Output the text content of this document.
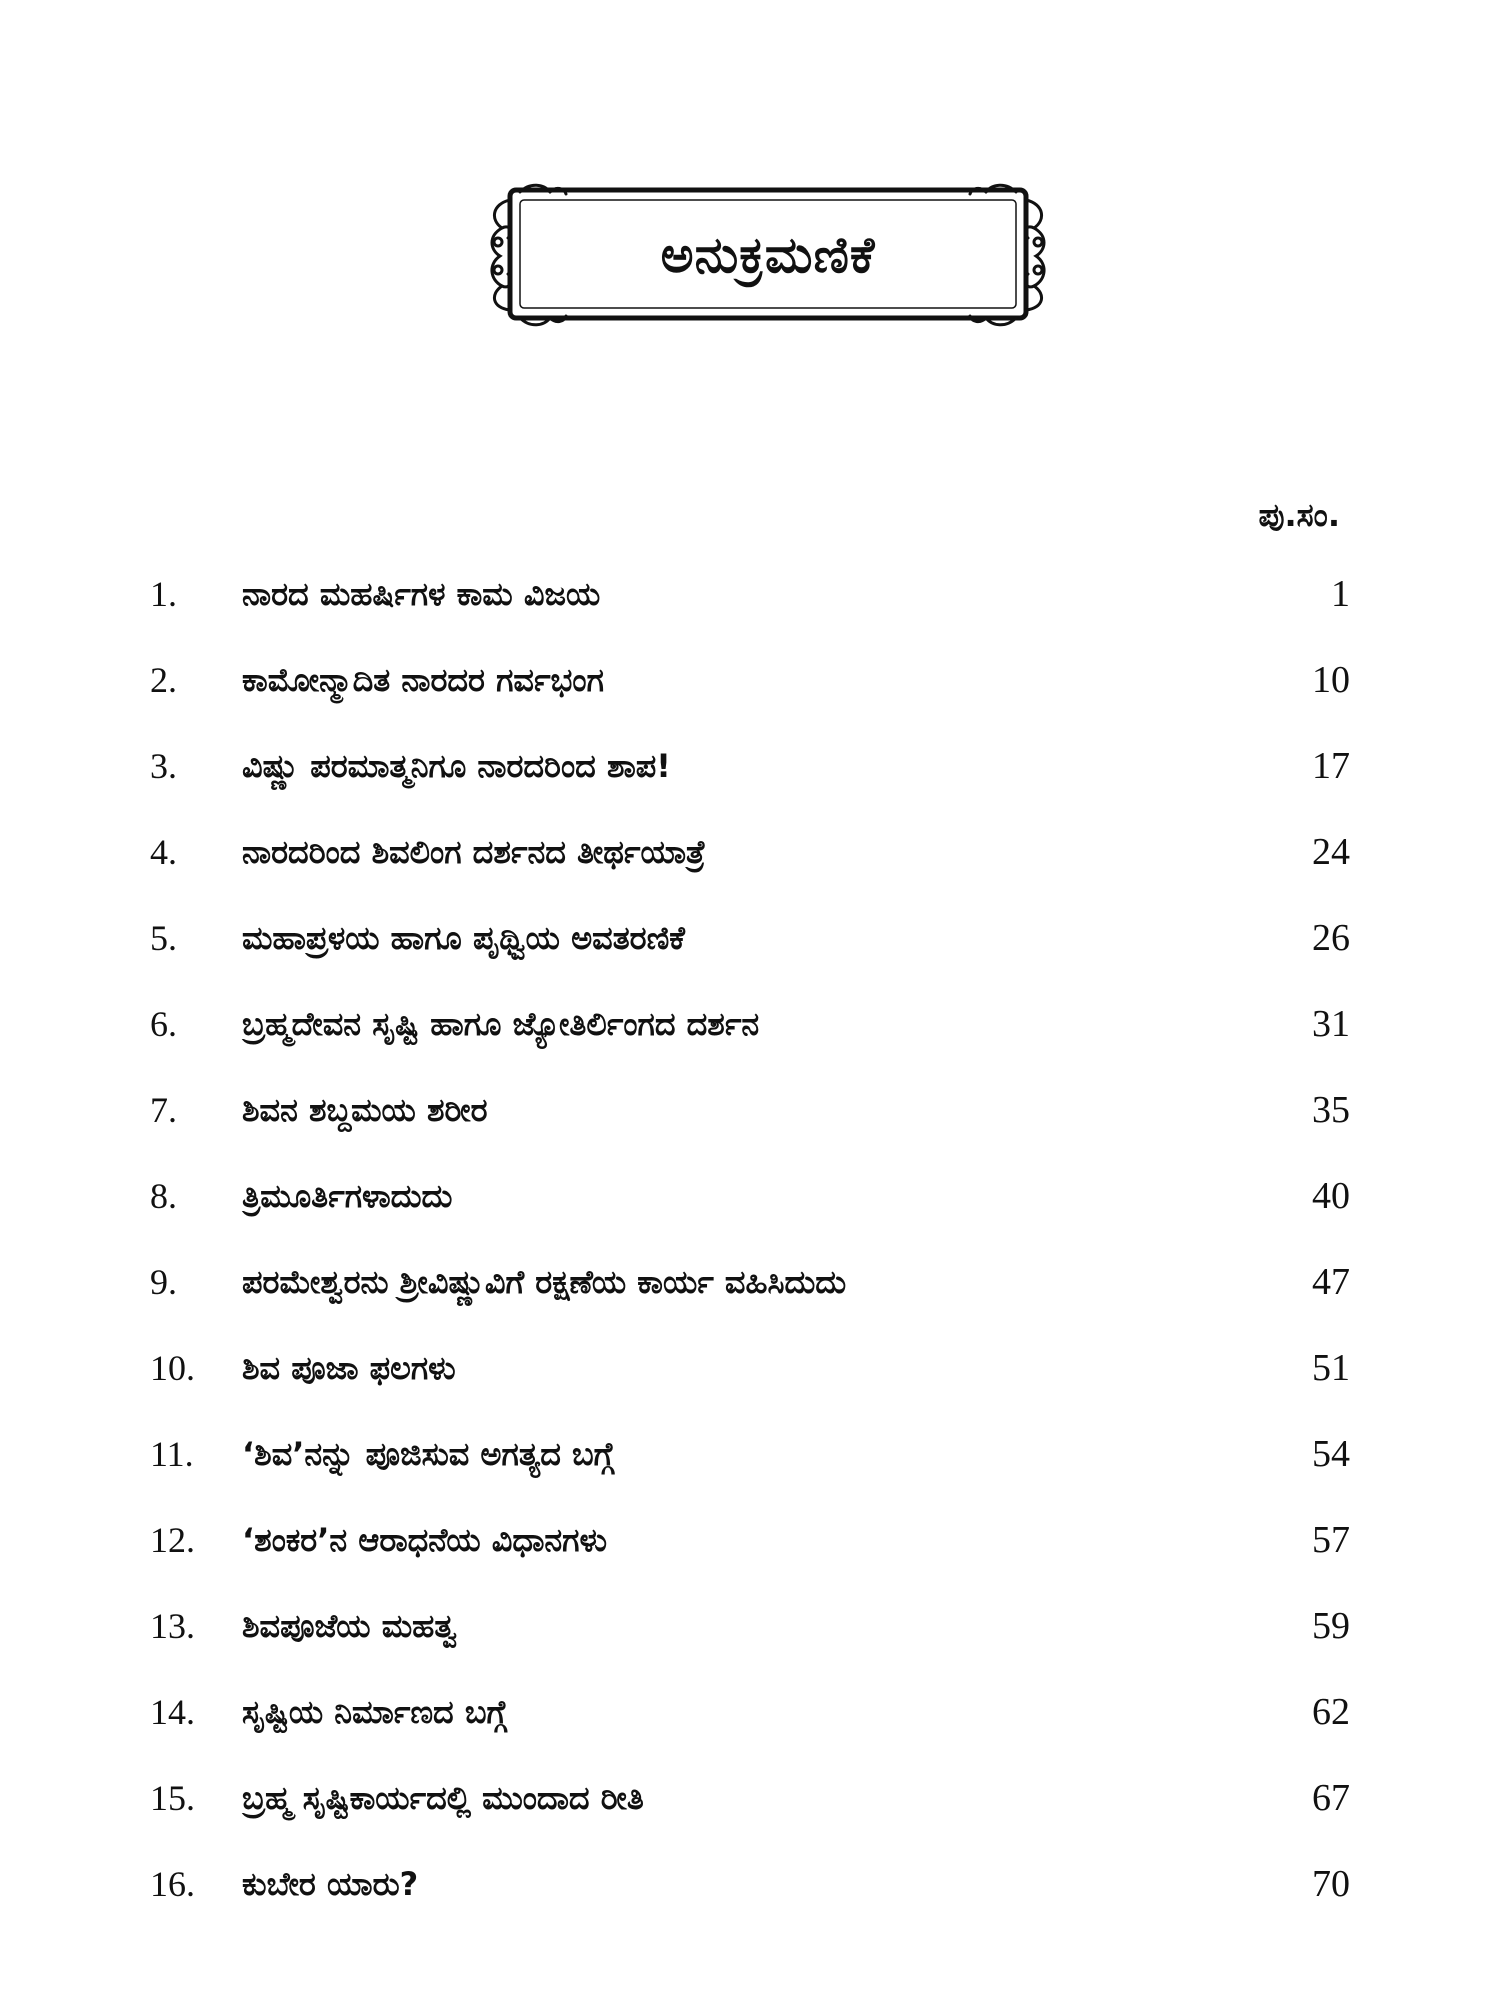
ಅನುಕ್ರಮಣಿಕೆ
ಪು.ಸಂ.
1.	ನಾರದ ಮಹರ್ಷಿಗಳ ಕಾಮ ವಿಜಯ	1
2.	ಕಾಮೋನ್ಮಾದಿತ ನಾರದರ ಗರ್ವಭಂಗ	10
3.	ವಿಷ್ಣು ಪರಮಾತ್ಮನಿಗೂ ನಾರದರಿಂದ ಶಾಪ!	17
4.	ನಾರದರಿಂದ ಶಿವಲಿಂಗ ದರ್ಶನದ ತೀರ್ಥಯಾತ್ರೆ	24
5.	ಮಹಾಪ್ರಳಯ ಹಾಗೂ ಪೃಥ್ವಿಯ ಅವತರಣಿಕೆ	26
6.	ಬ್ರಹ್ಮದೇವನ ಸೃಷ್ಟಿ ಹಾಗೂ ಜ್ಯೋತಿರ್ಲಿಂಗದ ದರ್ಶನ	31
7.	ಶಿವನ ಶಬ್ದಮಯ ಶರೀರ	35
8.	ತ್ರಿಮೂರ್ತಿಗಳಾದುದು	40
9.	ಪರಮೇಶ್ವರನು ಶ್ರೀವಿಷ್ಣುವಿಗೆ ರಕ್ಷಣೆಯ ಕಾರ್ಯ ವಹಿಸಿದುದು	47
10.	ಶಿವ ಪೂಜಾ ಫಲಗಳು	51
11.	‘ಶಿವ’ನನ್ನು ಪೂಜಿಸುವ ಅಗತ್ಯದ ಬಗ್ಗೆ	54
12.	‘ಶಂಕರ’ನ ಆರಾಧನೆಯ ವಿಧಾನಗಳು	57
13.	ಶಿವಪೂಜೆಯ ಮಹತ್ವ	59
14.	ಸೃಷ್ಟಿಯ ನಿರ್ಮಾಣದ ಬಗ್ಗೆ	62
15.	ಬ್ರಹ್ಮ ಸೃಷ್ಟಿಕಾರ್ಯದಲ್ಲಿ ಮುಂದಾದ ರೀತಿ	67
16.	ಕುಬೇರ ಯಾರು?	70
